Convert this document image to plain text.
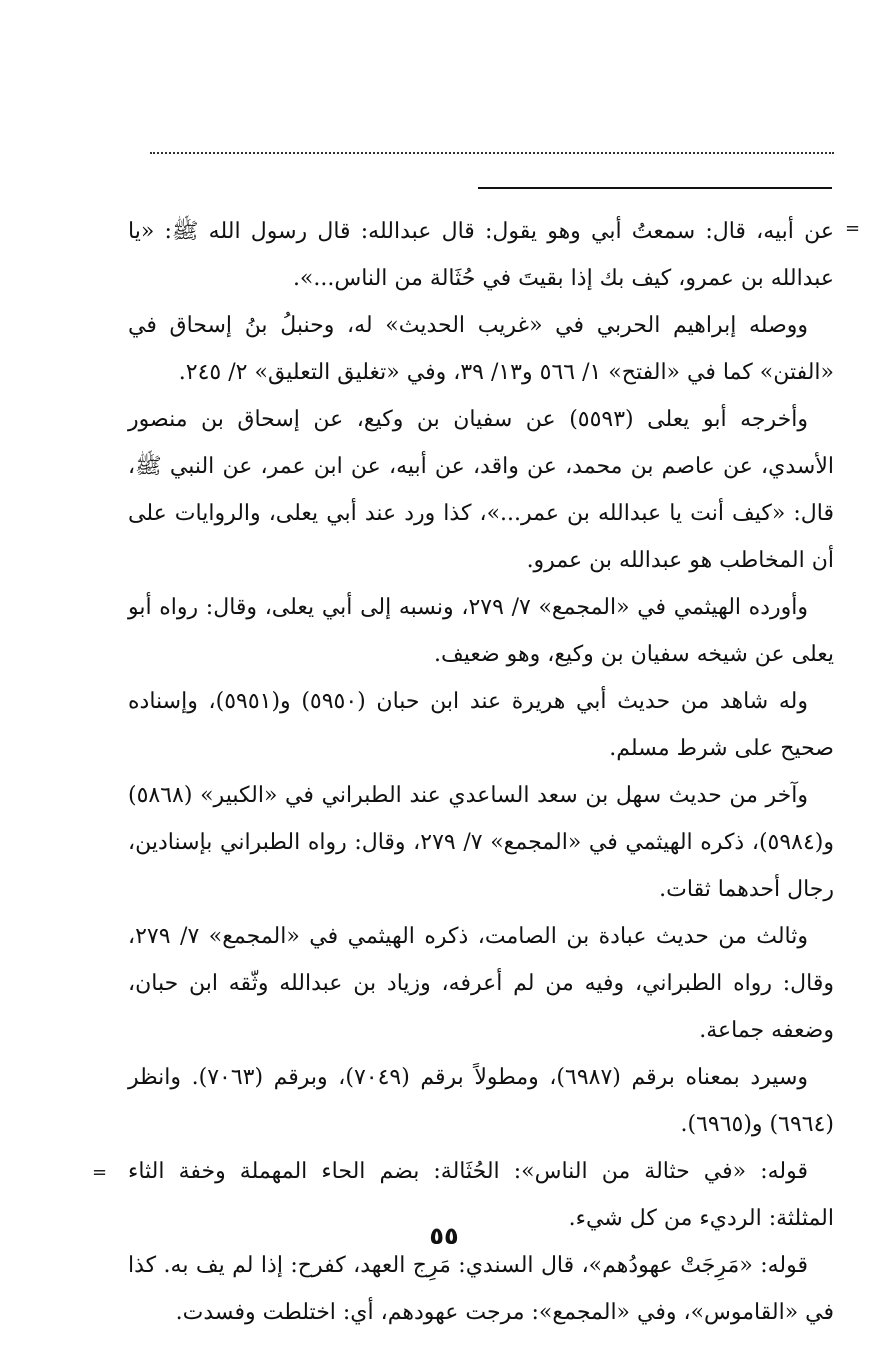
=
=

عن أبيه، قال: سمعتُ أبي وهو يقول: قال عبدالله: قال رسول الله ﷺ: «يا عبدالله بن عمرو، كيف بك إذا بقيتَ في حُثَالة من الناس...».

ووصله إبراهيم الحربي في «غريب الحديث» له، وحنبلُ بنُ إسحاق في «الفتن» كما في «الفتح» ١/ ٥٦٦ و١٣/ ٣٩، وفي «تغليق التعليق» ٢/ ٢٤٥.

وأخرجه أبو يعلى (٥٥٩٣) عن سفيان بن وكيع، عن إسحاق بن منصور الأسدي، عن عاصم بن محمد، عن واقد، عن أبيه، عن ابن عمر، عن النبي ﷺ، قال: «كيف أنت يا عبدالله بن عمر...»، كذا ورد عند أبي يعلى، والروايات على أن المخاطب هو عبدالله بن عمرو.

وأورده الهيثمي في «المجمع» ٧/ ٢٧٩، ونسبه إلى أبي يعلى، وقال: رواه أبو يعلى عن شيخه سفيان بن وكيع، وهو ضعيف.

وله شاهد من حديث أبي هريرة عند ابن حبان (٥٩٥٠) و(٥٩٥١)، وإسناده صحيح على شرط مسلم.

وآخر من حديث سهل بن سعد الساعدي عند الطبراني في «الكبير» (٥٨٦٨) و(٥٩٨٤)، ذكره الهيثمي في «المجمع» ٧/ ٢٧٩، وقال: رواه الطبراني بإسنادين، رجال أحدهما ثقات.

وثالث من حديث عبادة بن الصامت، ذكره الهيثمي في «المجمع» ٧/ ٢٧٩، وقال: رواه الطبراني، وفيه من لم أعرفه، وزياد بن عبدالله وثّقه ابن حبان، وضعفه جماعة.

وسيرد بمعناه برقم (٦٩٨٧)، ومطولاً برقم (٧٠٤٩)، وبرقم (٧٠٦٣). وانظر (٦٩٦٤) و(٦٩٦٥).

قوله: «في حثالة من الناس»: الحُثَالة: بضم الحاء المهملة وخفة الثاء المثلثة: الرديء من كل شيء.

قوله: «مَرِجَتْ عهودُهم»، قال السندي: مَرِج العهد، كفرح: إذا لم يف به. كذا في «القاموس»، وفي «المجمع»: مرجت عهودهم، أي: اختلطت وفسدت.

٥٥
